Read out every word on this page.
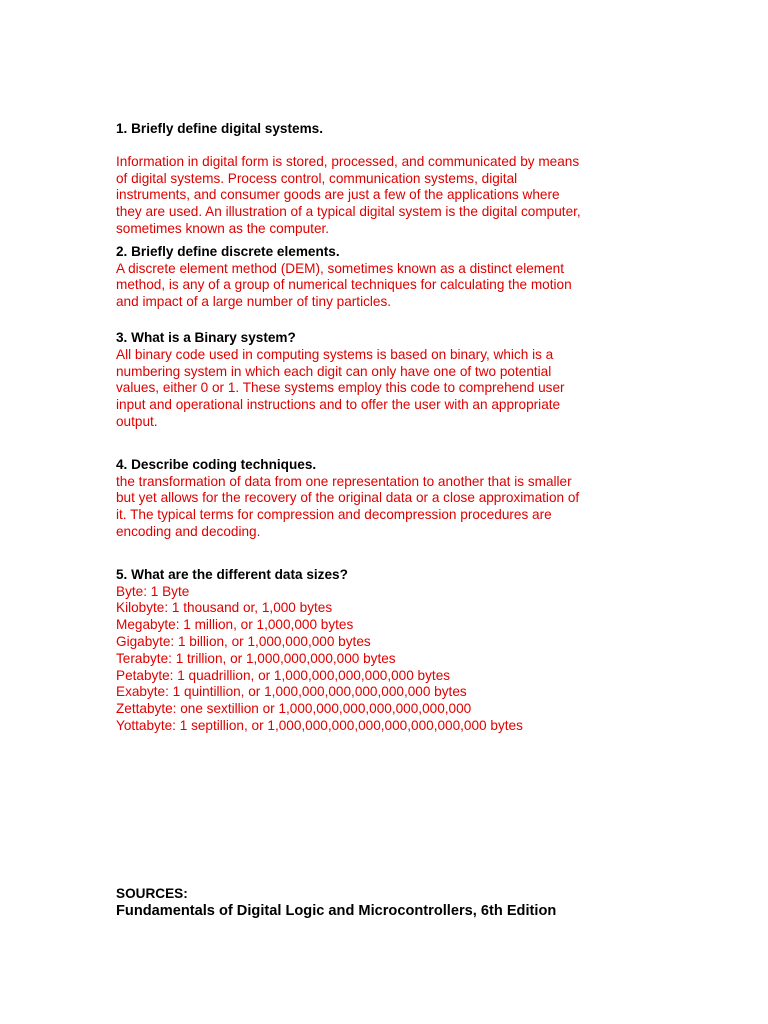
1. Briefly define digital systems.

Information in digital form is stored, processed, and communicated by means

of digital systems. Process control, communication systems, digital

instruments, and consumer goods are just a few of the applications where

they are used. An illustration of a typical digital system is the digital computer,

sometimes known as the computer.

2. Briefly define discrete elements.

A discrete element method (DEM), sometimes known as a distinct element

method, is any of a group of numerical techniques for calculating the motion

and impact of a large number of tiny particles.

3. What is a Binary system?

All binary code used in computing systems is based on binary, which is a

numbering system in which each digit can only have one of two potential

values, either 0 or 1. These systems employ this code to comprehend user

input and operational instructions and to offer the user with an appropriate

output.

4. Describe coding techniques.

the transformation of data from one representation to another that is smaller

but yet allows for the recovery of the original data or a close approximation of

it. The typical terms for compression and decompression procedures are

encoding and decoding.

5. What are the different data sizes?

Byte: 1 Byte

Kilobyte: 1 thousand or, 1,000 bytes

Megabyte: 1 million, or 1,000,000 bytes

Gigabyte: 1 billion, or 1,000,000,000 bytes

Terabyte: 1 trillion, or 1,000,000,000,000 bytes

Petabyte: 1 quadrillion, or 1,000,000,000,000,000 bytes

Exabyte: 1 quintillion, or 1,000,000,000,000,000,000 bytes

Zettabyte: one sextillion or 1,000,000,000,000,000,000,000

Yottabyte: 1 septillion, or 1,000,000,000,000,000,000,000,000 bytes

SOURCES:

Fundamentals of Digital Logic and Microcontrollers, 6th Edition
